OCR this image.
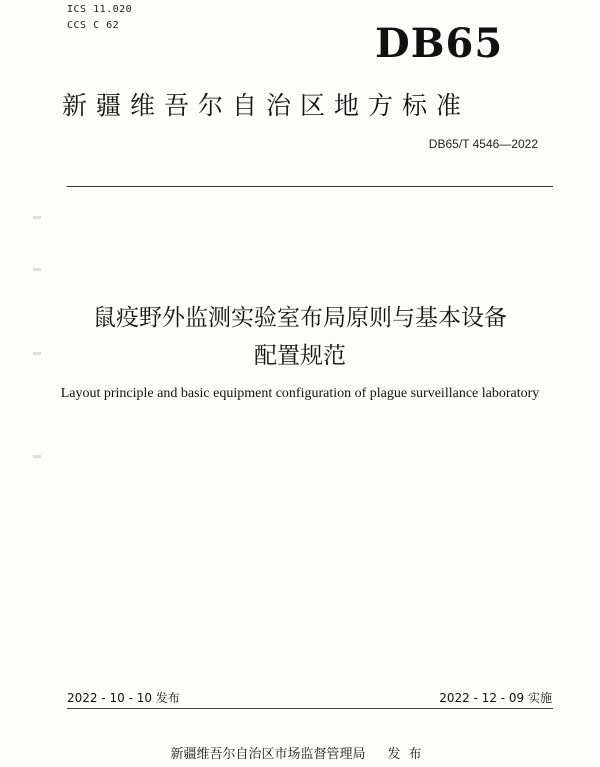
ICS 11.020
CCS C 62	DB65
新疆维吾尔自治区地方标准
DB65/T 4546—2022
鼠疫野外监测实验室布局原则与基本设备
配置规范
Layout principle and basic equipment configuration of plague surveillance laboratory
2022 - 10 - 10 发布	2022 - 12 - 09 实施
新疆维吾尔自治区市场监督管理局 发布
